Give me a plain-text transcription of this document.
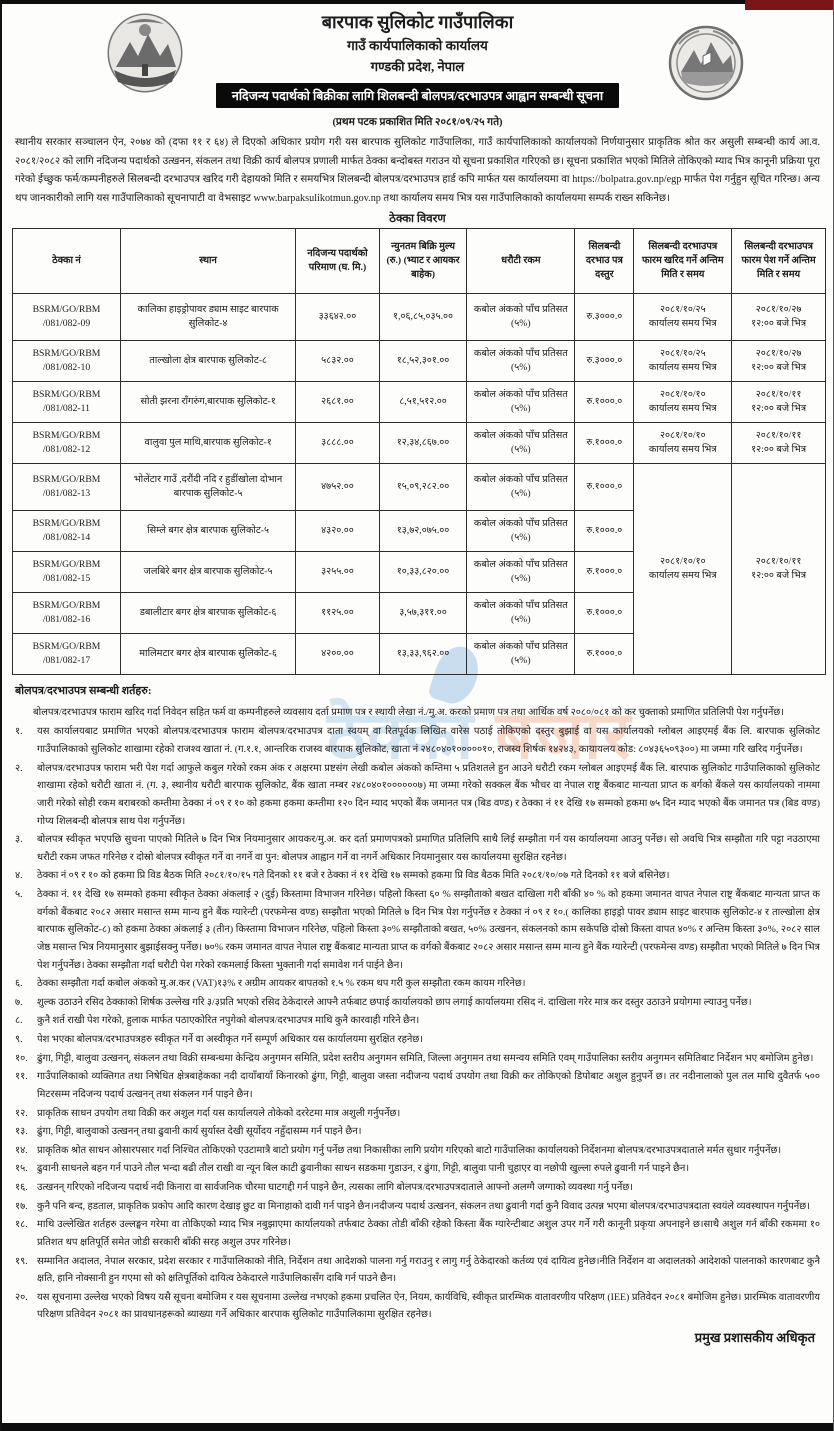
ठेक्का बजार
बारपाक सुलिकोट गाउँपालिका
गाउँ कार्यपालिकाको कार्यालय
गण्डकी प्रदेश, नेपाल
नदिजन्य पदार्थको बिक्रीका लागि शिलबन्दी बोलपत्र/दरभाउपत्र आह्वान सम्बन्धी सूचना
(प्रथम पटक प्रकाशित मिति २०८१/०९/२५ गते)

स्थानीय सरकार सञ्चालन ऐन, २०७४ को (दफा ११ र ६४) ले दिएको अधिकार प्रयोग गरी यस बारपाक सुलिकोट गाउँपालिका, गाउँ कार्यपालिकाको कार्यालयको निर्णयानुसार प्राकृतिक श्रोत कर असुली सम्बन्धी कार्य आ.व. २०८१/२०८२ को लागि नदिजन्य पदार्थको उत्खनन, संकलन तथा विक्री कार्य बोलपत्र प्रणाली मार्फत ठेक्का बन्दोबस्त गराउन यो सूचना प्रकाशित गरिएको छ। सूचना प्रकाशित भएको मितिले तोकिएको म्याद भित्र कानूनी प्रक्रिया पूरा गरेको ईच्छुक फर्म/कम्पनीहरुले सिलबन्दी दरभाउपत्र खरिद गरी देहायको मिति र समयभित्र शिलबन्दी बोलपत्र/दरभाउपत्र हार्ड कपि मार्फत यस कार्यालयमा वा https://bolpatra.gov.np/egp मार्फत पेश गर्नुहुन सूचित गरिन्छ। अन्य थप जानकारीको लागि यस गाउँपालिकाको सूचनापाटी वा वेभसाइट www.barpaksulikotmun.gov.np तथा कार्यालय समय भित्र यस गाउँपालिकाको कार्यालयमा सम्पर्क राख्न सकिनेछ।

ठेक्का विवरण
ठेक्का नं	स्थान	नदिजन्य पदार्थको परिमाण (घ. मि.)	न्युनतम बिक्रि मुल्य (रु.) (भ्याट र आयकर बाहेक)	धरौटी रकम	सिलबन्दी दरभाउ पत्र दस्तुर	सिलबन्दी दरभाउपत्र फारम खरिद गर्ने अन्तिम मिति र समय	सिलबन्दी दरभाउपत्र फारम पेश गर्ने अन्तिम मिति र समय

BSRM/GO/RBM
/081/082-09	कालिका हाइड्रोपावर ड्याम साइट बारपाक सुलिकोट-४	३३६४२.००	१,०६,८५,०३५.००	कबोल अंकको पाँच प्रतिसत (५%)	रु.३०००.०	२०८१/१०/२५
कार्यालय समय भित्र	२०८१/१०/२७
१२:०० बजे भित्र

BSRM/GO/RBM
/081/082-10	ताल्खोला क्षेत्र बारपाक सुलिकोट-८	५८३२.००	१८,५२,३०१.००	कबोल अंकको पाँच प्रतिसत (५%)	रु.३०००.०	२०८१/१०/२५
कार्यालय समय भित्र	२०८१/१०/२७
१२:०० बजे भित्र

BSRM/GO/RBM
/081/082-11	सोती झरना राँगरुंग,बारपाक सुलिकोट-१	२६८१.००	८,५१,५१२.००	कबोल अंकको पाँच प्रतिसत (५%)	रु.१०००.०	२०८१/१०/१०
कार्यालय समय भित्र	२०८१/१०/११
१२:०० बजे भित्र

BSRM/GO/RBM
/081/082-12	वालुवा पुल माथि,बारपाक सुलिकोट-१	३८८८.००	१२,३४,८६७.००	कबोल अंकको पाँच प्रतिसत (५%)	रु.१०००.०	२०८१/१०/१०
कार्यालय समय भित्र	२०८१/१०/११
१२:०० बजे भित्र

BSRM/GO/RBM
/081/082-13	भोलेंटार गाउँ ,दरौंदी नदि र हुडींखोला दोभान बारपाक सुलिकोट-५	४७५२.००	१५,०९,२८२.००	कबोल अंकको पाँच प्रतिसत (५%)	रु.१०००.०	२०८१/१०/१०
कार्यालय समय भित्र	२०८१/१०/११
१२:०० बजे भित्र

BSRM/GO/RBM
/081/082-14	सिम्ले बगर क्षेत्र बारपाक सुलिकोट-५	४३२०.००	१३,७२,०७५.००	कबोल अंकको पाँच प्रतिसत (५%)	रु.१०००.०		

BSRM/GO/RBM
/081/082-15	जलबिरे बगर क्षेत्र बारपाक सुलिकोट-५	३२५५.००	१०,३३,८२०.००	कबोल अंकको पाँच प्रतिसत (५%)	रु.१०००.०		

BSRM/GO/RBM
/081/082-16	डबालीटार बगर क्षेत्र बारपाक सुलिकोट-६	११२५.००	३,५७,३११.००	कबोल अंकको पाँच प्रतिसत (५%)	रु.१०००.०		

BSRM/GO/RBM
/081/082-17	मालिमटार बगर क्षेत्र बारपाक सुलिकोट-६	४२००.००	१३,३३,९६२.००	कबोल अंकको पाँच प्रतिसत (५%)	रु.१०००.०		
बोलपत्र/दरभाउपत्र सम्बन्धी शर्तहरु:
बोलपत्र/दरभाउपत्र फाराम खरिद गर्दा निवेदन सहित फर्म वा कम्पनीहरुले व्यवसाय दर्ता प्रमाण पत्र र स्थायी लेखा नं./मु.अ. करको प्रमाण पत्र तथा आर्थिक वर्ष २०८०/०८१ को कर चुक्ताको प्रमाणित प्रतिलिपी पेश गर्नुपर्नेछ।
१.	यस कार्यालयबाट प्रमाणित भएको बोलपत्र/दरभाउपत्र फाराम बोलपत्र/दरभाउपत्र दाता स्वयम् वा रितपूर्वक लिखित वारेस पठाई तोकिएको दस्तुर बुझाई वा यस कार्यालयको ग्लोबल आइएमई बैंक लि. बारपाक सुलिकोट गाउँपालिकाको सुलिकोट शाखामा रहेको राजश्व खाता नं. (ग.१.१, आन्तरिक राजस्व बारपाक सुलिकोट, खाता नं २४८०४०१०००००१०, राजस्व शिर्षक १४२४३, कायायलय कोड: ८०४३६५०९३००) मा जम्मा गरि खरिद गर्नुपर्नेछ।
२.	बोलपत्र/दरभाउपत्र फाराम भरी पेश गर्दा आफुले कबुल गरेको रकम अंक र अक्षरमा प्रष्टसंग लेखी कबोल अंकको कम्तिमा ५ प्रतिशतले हुन आउने धरौटी रकम ग्लोबल आइएमई बैंक लि. बारपाक सुलिकोट गाउँपालिकाको सुलिकोट शाखामा रहेको धरौटी खाता नं. (ग. ३, स्थानीय धरौटी बारपाक सुलिकोट, बैंक खाता नम्बर २४८०४०१००००००७) मा जम्मा गरेको सक्कल बैंक भौचर वा नेपाल राष्ट्र बैंकबाट मान्यता प्राप्त क बर्गको बैंकले यस कार्यालयको नाममा जारी गरेको सोही रकम बराबरको कम्तीमा ठेक्का नं ०९ र १० को हकमा हकमा कम्तीमा १२० दिन म्याद भएको बैंक जमानत पत्र (बिड वण्ड) र ठेक्का नं ११ देखि १७ सम्मको हकमा ७५ दिन म्याद भएको बैंक जमानत पत्र (बिड वण्ड) गोप्य शिलबन्दी बोलपत्र साथ पेश गर्नुपर्नेछ।
३.	बोलपत्र स्वीकृत भएपछि सुचना पाएको मितिले ७ दिन भित्र नियमानुसार आयकर/मु.अ. कर दर्ता प्रमाणपत्रको प्रमाणित प्रतिलिपि साथै लिई सम्झौता गर्न यस कार्यालयमा आउनु पर्नेछ। सो अवधि भित्र सम्झौता गरि पट्टा नउठाएमा धरौटी रकम जफत गरिनेछ र दोस्रो बोलपत्र स्वीकृत गर्ने वा नगर्ने वा पुन: बोलपत्र आह्वान गर्ने वा नगर्ने अधिकार नियमानुसार यस कार्यालयमा सुरक्षित रहनेछ।
४.	ठेक्का नं ०९ र १० को हकमा प्रि विड बैठक मिति २०८१/१०/१५ गते दिनको ११ बजे र ठेक्का नं ११ देखि १७ सम्मको हकमा प्रि विड बैठक मिति २०८१/१०/०७ गते दिनको ११ बजे बसिनेछ।
५.	ठेक्का नं. ११ देखि १७ सम्मको हकमा स्वीकृत ठेक्का अंकलाई २ (दुई) किस्तामा विभाजन गरिनेछ। पहिलो किस्ता ६० % सम्झौताको बखत दाखिला गरी बाँकी ४० % को हकमा जमानत वापत नेपाल राष्ट्र बैंकबाट मान्यता प्राप्त क वर्गको बैंकबाट २०८२ असार मसान्त सम्म मान्य हुने बैंक ग्यारेन्टी (परफमेन्स वण्ड) सम्झौता भएको मितिले ७ दिन भित्र पेश गर्नुपर्नेछ र ठेक्का नं ०९ र १०.( कालिका हाइड्रो पावर ड्याम साइट बारपाक सुलिकोट-४ र ताल्खोला क्षेत्र बारपाक सुलिकोट-८) को हकमा ठेक्का अंकलाई ३ (तीन) किस्तामा विभाजन गरिनेछ, पहिलो किस्ता ३०% सम्झौताको बखत, ५०% उत्खनन, संकलनको काम सकेपछि दोस्रो किस्ता वापत ४०% र अन्तिम किस्ता ३०%, २०८२ साल जेष्ठ मसान्त भित्र नियमानुसार बुझाईसक्नु पर्नेछ। ७०% रकम जमानत वापत नेपाल राष्ट्र बैंकबाट मान्यता प्राप्त क वर्गको बैंकबाट २०८२ असार मसान्त सम्म मान्य हुने बैंक ग्यारेन्टी (परफमेन्स वण्ड) सम्झौता भएको मितिले ७ दिन भित्र पेश गर्नुपर्नेछ। ठेक्का सम्झौता गर्दा धरौटी पेश गरेको रकमलाई किस्ता भुक्तानी गर्दा समावेश गर्न पाईने छैन।
६.	ठेक्का सम्झौता गर्दा कबोल अंकको मु.अ.कर (VAT)१३% र अग्रीम आयकर बापतको १.५ % रकम थप गरी कुल सम्झौता रकम कायम गरिनेछ।
७.	शुल्क उठाउने रसिद ठेक्काको शिर्षक उल्लेख गरि ३/३प्रति भएको रसिद ठेकेदारले आफ्नै तर्फबाट छपाई कार्यालयको छाप लगाई कार्यालयमा रसिद नं. दाखिला गरेर मात्र कर दस्तुर उठाउने प्रयोगमा ल्याउनु पर्नेछ।
८.	कुनै शर्त राखी पेश गरेको, हुलाक मार्फत पठाएकोरित नपुगेको बोलपत्र/दरभाउपत्र माथि कुनै कारवाही गरिने छैन।
९.	पेश भएका बोलपत्र/दरभाउपत्रहरु स्वीकृत गर्ने वा अस्वीकृत गर्ने सम्पूर्ण अधिकार यस कार्यालयमा सुरक्षित रहनेछ।
१०. ढुंगा, गिट्टी, बालुवा उत्खनन्, संकलन तथा विक्री सम्बन्धमा केन्द्रिय अनुगमन समिति, प्रदेश स्तरीय अनुगमन समिति, जिल्ला अनुगमन तथा समन्वय समिति एवम् गाउँपालिका स्तरीय अनुगमन समितिबाट निर्देशन भए बमोजिम हुनेछ।
११. गाउँपालिकाको व्यक्तिगत तथा निषेधित क्षेत्रबाहेकका नदी दायाँबायाँ किनारको ढुंगा, गिट्टी, बालुवा जस्ता नदीजन्य पदार्थ उपयोग तथा विक्री कर तोकिएको डिपोबाट अशुल हुनुपर्ने छ। तर नदीनालाको पुल तल माथि दुवैतर्फ ५०० मिटरसम्म नदिजन्य पदार्थ उत्खनन् तथा संकलन गर्न पाइने छैन।
१२. प्राकृतिक साधन उपयोग तथा विक्री कर अशुल गर्दा यस कार्यालयले तोकेको दररेटमा मात्र अशुली गर्नुपर्नेछ।
१३. ढुंगा, गिट्टी, बालुवाको उत्खनन् तथा ढुवानी कार्य सुर्यास्त देखी सूर्योदय नहुँदासम्म गर्न पाइने छैन।
१४. प्राकृतिक श्रोत साधन ओसारपसार गर्दा निश्चित तोकिएको एउटामात्रै बाटो प्रयोग गर्नु पर्नेछ तथा निकासीका लागि प्रयोग गरिएको बाटो गाउँपालिका कार्यालयको निर्देशनमा बोलपत्र/दरभाउपत्रदाताले मर्मत सुधार गर्नुपर्नेछ।
१५. ढुवानी साधनले बहन गर्न पाउने तौल भन्दा बढी तौल राखी वा न्यून बिल काटी ढुवानीका साधन सडकमा गुडाउन, र ढुंगा, गिट्टी, बालुवा पानी चुहाएर वा नछोपी खुल्ला रुपले ढुवानी गर्न पाइने छैन।
१६. उत्खनन् गरिएको नदिजन्य पदार्थ नदी किनारा वा सार्वजनिक चौरमा घाटगद्दी गर्न पाइने छैन, त्यसका लागि बोलपत्र/दरभाउपत्रदाताले आफ्नो अलग्गै जग्गाको व्यवस्था गर्नु पर्नेछ।
१७. कुनै पनि बन्द, हडताल, प्राकृतिक प्रकोप आदि कारण देखाइ छुट वा मिनाहाको दावी गर्न पाइने छैन।नदीजन्य पदार्थ उत्खनन, संकलन तथा ढुवानी गर्दा कुनै विवाद उत्पन्न भएमा बोलपत्र/दरभाउपत्रदाता स्वयंले व्यवस्थापन गर्नुपर्नेछ।
१८. माथि उल्लेखित शर्तहरु उल्लङ्घन गरेमा वा तोकिएको म्याद भित्र नबुझाएमा कार्यालयको तर्फबाट ठेक्का तोडी बाँकी रहेको किस्ता बैंक ग्यारेन्टीबाट अशुल उपर गर्ने गरी कानूनी प्रकृया अपनाइने छ।साथै अशुल गर्न बाँकी रकममा १० प्रतिशत थप क्षतिपूर्ति समेत जोडी सरकारी बाँकी सरह अशुल उपर गरिनेछ।
१९. सम्मानित अदालत, नेपाल सरकार, प्रदेश सरकार र गाउँपालिकाको नीति, निर्देशन तथा आदेशको पालना गर्नु गराउनु र लागु गर्नु ठेकेदारको कर्तव्य एवं दायित्व हुनेछ।नीति निर्देशन वा अदालतको आदेशको पालनाको कारणबाट कुनै क्षति, हानि नोक्सानी हुन गएमा सो को क्षतिपूर्तिको दायित्व ठेकेदारले गाउँपालिकासँग दाबि गर्न पाउने छैन।
२०. यस सूचनामा उल्लेख भएको विषय यसै सूचना बमोजिम र यस सूचनामा उल्लेख नभएको हकमा प्रचलित ऐन, नियम, कार्यविधि, स्वीकृत प्रारम्भिक वातावरणीय परिक्षण (IEE) प्रतिवेदन २०८१ बमोजिम हुनेछ। प्रारम्भिक वातावरणीय परिक्षण प्रतिवेदन २०८१ का प्रावधानहरूको ब्याख्या गर्ने अधिकार बारपाक सुलिकोट गाउँपालिकामा सुरक्षित रहनेछ।
प्रमुख प्रशासकीय अधिकृत
